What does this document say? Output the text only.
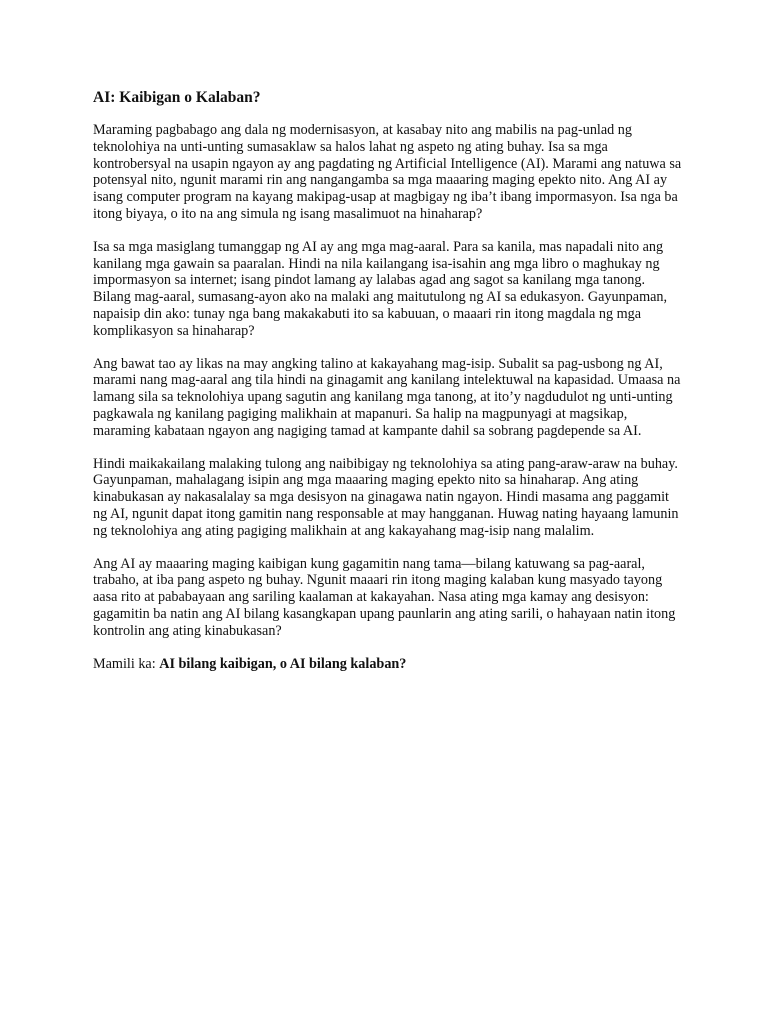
AI: Kaibigan o Kalaban?

Maraming pagbabago ang dala ng modernisasyon, at kasabay nito ang mabilis na pag-unlad ng teknolohiya na unti-unting sumasaklaw sa halos lahat ng aspeto ng ating buhay. Isa sa mga kontrobersyal na usapin ngayon ay ang pagdating ng Artificial Intelligence (AI). Marami ang natuwa sa potensyal nito, ngunit marami rin ang nangangamba sa mga maaaring maging epekto nito. Ang AI ay isang computer program na kayang makipag-usap at magbigay ng iba’t ibang impormasyon. Isa nga ba itong biyaya, o ito na ang simula ng isang masalimuot na hinaharap?

Isa sa mga masiglang tumanggap ng AI ay ang mga mag-aaral. Para sa kanila, mas napadali nito ang kanilang mga gawain sa paaralan. Hindi na nila kailangang isa-isahin ang mga libro o maghukay ng impormasyon sa internet; isang pindot lamang ay lalabas agad ang sagot sa kanilang mga tanong. Bilang mag-aaral, sumasang-ayon ako na malaki ang maitutulong ng AI sa edukasyon. Gayunpaman, napaisip din ako: tunay nga bang makakabuti ito sa kabuuan, o maaari rin itong magdala ng mga komplikasyon sa hinaharap?

Ang bawat tao ay likas na may angking talino at kakayahang mag-isip. Subalit sa pag-usbong ng AI, marami nang mag-aaral ang tila hindi na ginagamit ang kanilang intelektuwal na kapasidad. Umaasa na lamang sila sa teknolohiya upang sagutin ang kanilang mga tanong, at ito’y nagdudulot ng unti-unting pagkawala ng kanilang pagiging malikhain at mapanuri. Sa halip na magpunyagi at magsikap, maraming kabataan ngayon ang nagiging tamad at kampante dahil sa sobrang pagdepende sa AI.

Hindi maikakailang malaking tulong ang naibibigay ng teknolohiya sa ating pang-araw-araw na buhay. Gayunpaman, mahalagang isipin ang mga maaaring maging epekto nito sa hinaharap. Ang ating kinabukasan ay nakasalalay sa mga desisyon na ginagawa natin ngayon. Hindi masama ang paggamit ng AI, ngunit dapat itong gamitin nang responsable at may hangganan. Huwag nating hayaang lamunin ng teknolohiya ang ating pagiging malikhain at ang kakayahang mag-isip nang malalim.

Ang AI ay maaaring maging kaibigan kung gagamitin nang tama—bilang katuwang sa pag-aaral, trabaho, at iba pang aspeto ng buhay. Ngunit maaari rin itong maging kalaban kung masyado tayong aasa rito at pababayaan ang sariling kaalaman at kakayahan. Nasa ating mga kamay ang desisyon: gagamitin ba natin ang AI bilang kasangkapan upang paunlarin ang ating sarili, o hahayaan natin itong kontrolin ang ating kinabukasan?

Mamili ka: AI bilang kaibigan, o AI bilang kalaban?
